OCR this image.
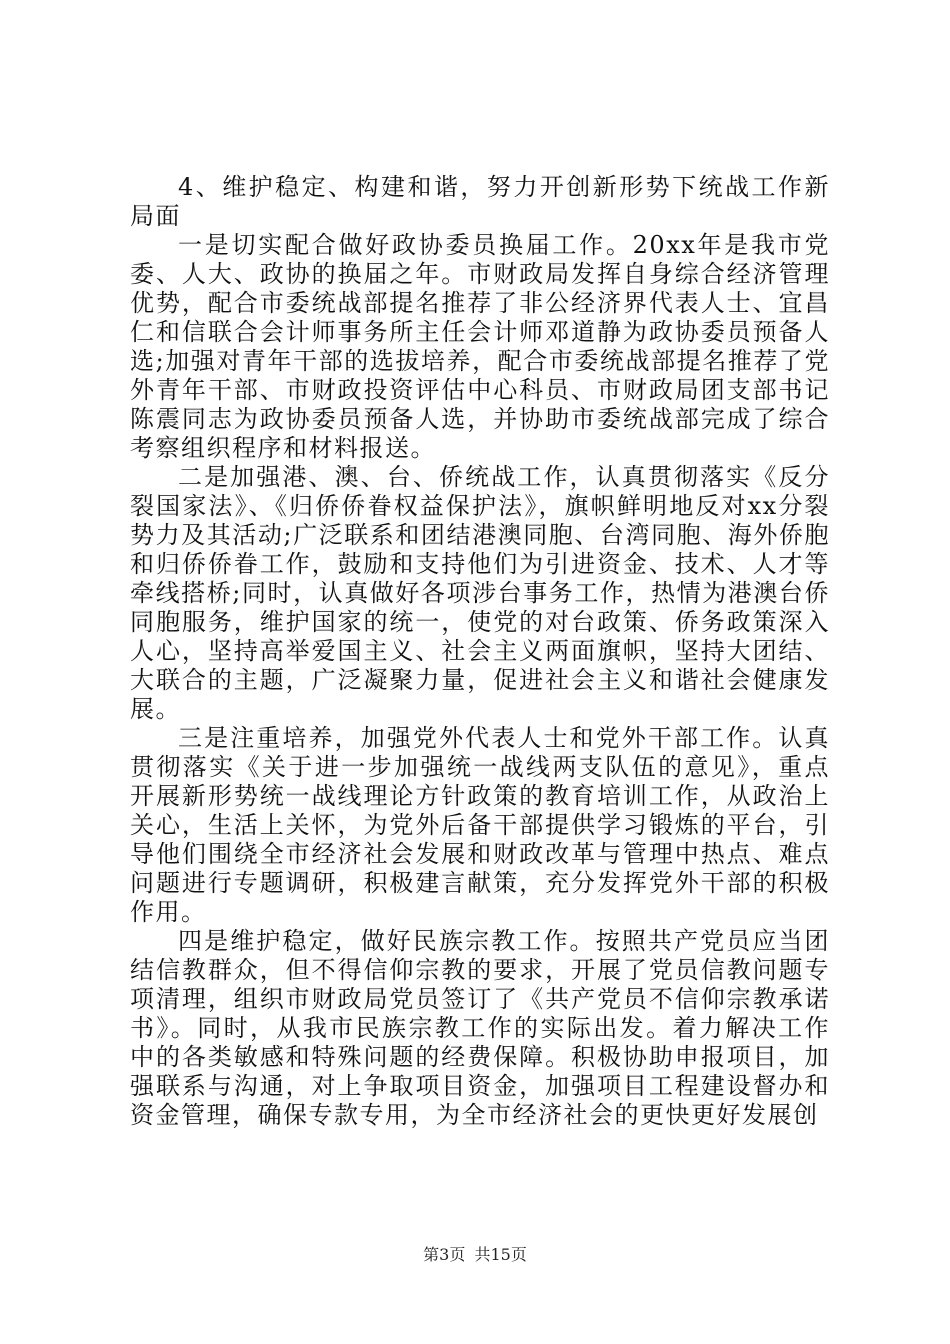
4、维护稳定、构建和谐，努力开创新形势下统战工作新局面

一是切实配合做好政协委员换届工作。20xx年是我市党委、人大、政协的换届之年。市财政局发挥自身综合经济管理优势，配合市委统战部提名推荐了非公经济界代表人士、宜昌仁和信联合会计师事务所主任会计师邓道静为政协委员预备人选;加强对青年干部的选拔培养，配合市委统战部提名推荐了党外青年干部、市财政投资评估中心科员、市财政局团支部书记陈震同志为政协委员预备人选，并协助市委统战部完成了综合考察组织程序和材料报送。

二是加强港、澳、台、侨统战工作，认真贯彻落实《反分裂国家法》、《归侨侨眷权益保护法》，旗帜鲜明地反对xx分裂势力及其活动;广泛联系和团结港澳同胞、台湾同胞、海外侨胞和归侨侨眷工作，鼓励和支持他们为引进资金、技术、人才等牵线搭桥;同时，认真做好各项涉台事务工作，热情为港澳台侨同胞服务，维护国家的统一，使党的对台政策、侨务政策深入人心，坚持高举爱国主义、社会主义两面旗帜，坚持大团结、大联合的主题，广泛凝聚力量，促进社会主义和谐社会健康发展。

三是注重培养，加强党外代表人士和党外干部工作。认真贯彻落实《关于进一步加强统一战线两支队伍的意见》，重点开展新形势统一战线理论方针政策的教育培训工作，从政治上关心，生活上关怀，为党外后备干部提供学习锻炼的平台，引导他们围绕全市经济社会发展和财政改革与管理中热点、难点问题进行专题调研，积极建言献策，充分发挥党外干部的积极作用。

四是维护稳定，做好民族宗教工作。按照共产党员应当团结信教群众，但不得信仰宗教的要求，开展了党员信教问题专项清理，组织市财政局党员签订了《共产党员不信仰宗教承诺书》。同时，从我市民族宗教工作的实际出发。着力解决工作中的各类敏感和特殊问题的经费保障。积极协助申报项目，加强联系与沟通，对上争取项目资金，加强项目工程建设督办和资金管理，确保专款专用，为全市经济社会的更快更好发展创

第3页 共15页
